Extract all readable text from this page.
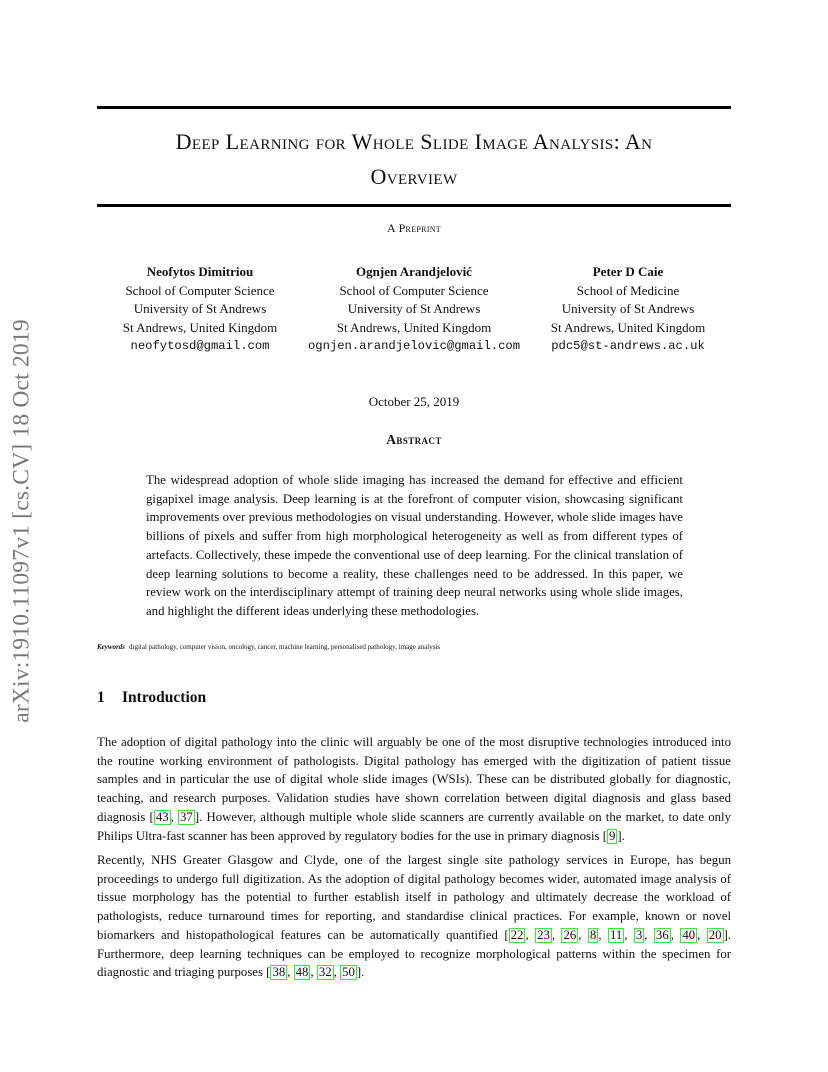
arXiv:1910.11097v1 [cs.CV] 18 Oct 2019
Deep Learning for Whole Slide Image Analysis: An
Overview
A Preprint
Neofytos Dimitriou
School of Computer Science
University of St Andrews
St Andrews, United Kingdom
neofytosd@gmail.com
Ognjen Arandjelović
School of Computer Science
University of St Andrews
St Andrews, United Kingdom
ognjen.arandjelovic@gmail.com
Peter D Caie
School of Medicine
University of St Andrews
St Andrews, United Kingdom
pdc5@st-andrews.ac.uk
October 25, 2019
Abstract
The widespread adoption of whole slide imaging has increased the demand for effective and efficient gigapixel image analysis. Deep learning is at the forefront of computer vision, showcasing significant improvements over previous methodologies on visual understanding. However, whole slide images have billions of pixels and suffer from high morphological heterogeneity as well as from different types of artefacts. Collectively, these impede the conventional use of deep learning. For the clinical translation of deep learning solutions to become a reality, these challenges need to be addressed. In this paper, we review work on the interdisciplinary attempt of training deep neural networks using whole slide images, and highlight the different ideas underlying these methodologies.
Keywords digital pathology, computer vision, oncology, cancer, machine learning, personalised pathology, image analysis
1 Introduction
The adoption of digital pathology into the clinic will arguably be one of the most disruptive technologies introduced into the routine working environment of pathologists. Digital pathology has emerged with the digitization of patient tissue samples and in particular the use of digital whole slide images (WSIs). These can be distributed globally for diagnostic, teaching, and research purposes. Validation studies have shown correlation between digital diagnosis and glass based diagnosis [ 43 , 37 ]. However, although multiple whole slide scanners are currently available on the market, to date only Philips Ultra-fast scanner has been approved by regulatory bodies for the use in primary diagnosis [ 9 ].
Recently, NHS Greater Glasgow and Clyde, one of the largest single site pathology services in Europe, has begun proceedings to undergo full digitization. As the adoption of digital pathology becomes wider, automated image analysis of tissue morphology has the potential to further establish itself in pathology and ultimately decrease the workload of pathologists, reduce turnaround times for reporting, and standardise clinical practices. For example, known or novel biomarkers and histopathological features can be automatically quantified [ 22 , 23 , 26 , 8 , 11 , 3 , 36 , 40 , 20 ]. Furthermore, deep learning techniques can be employed to recognize morphological patterns within the specimen for diagnostic and triaging purposes [ 38 , 48 , 32 , 50 ].
